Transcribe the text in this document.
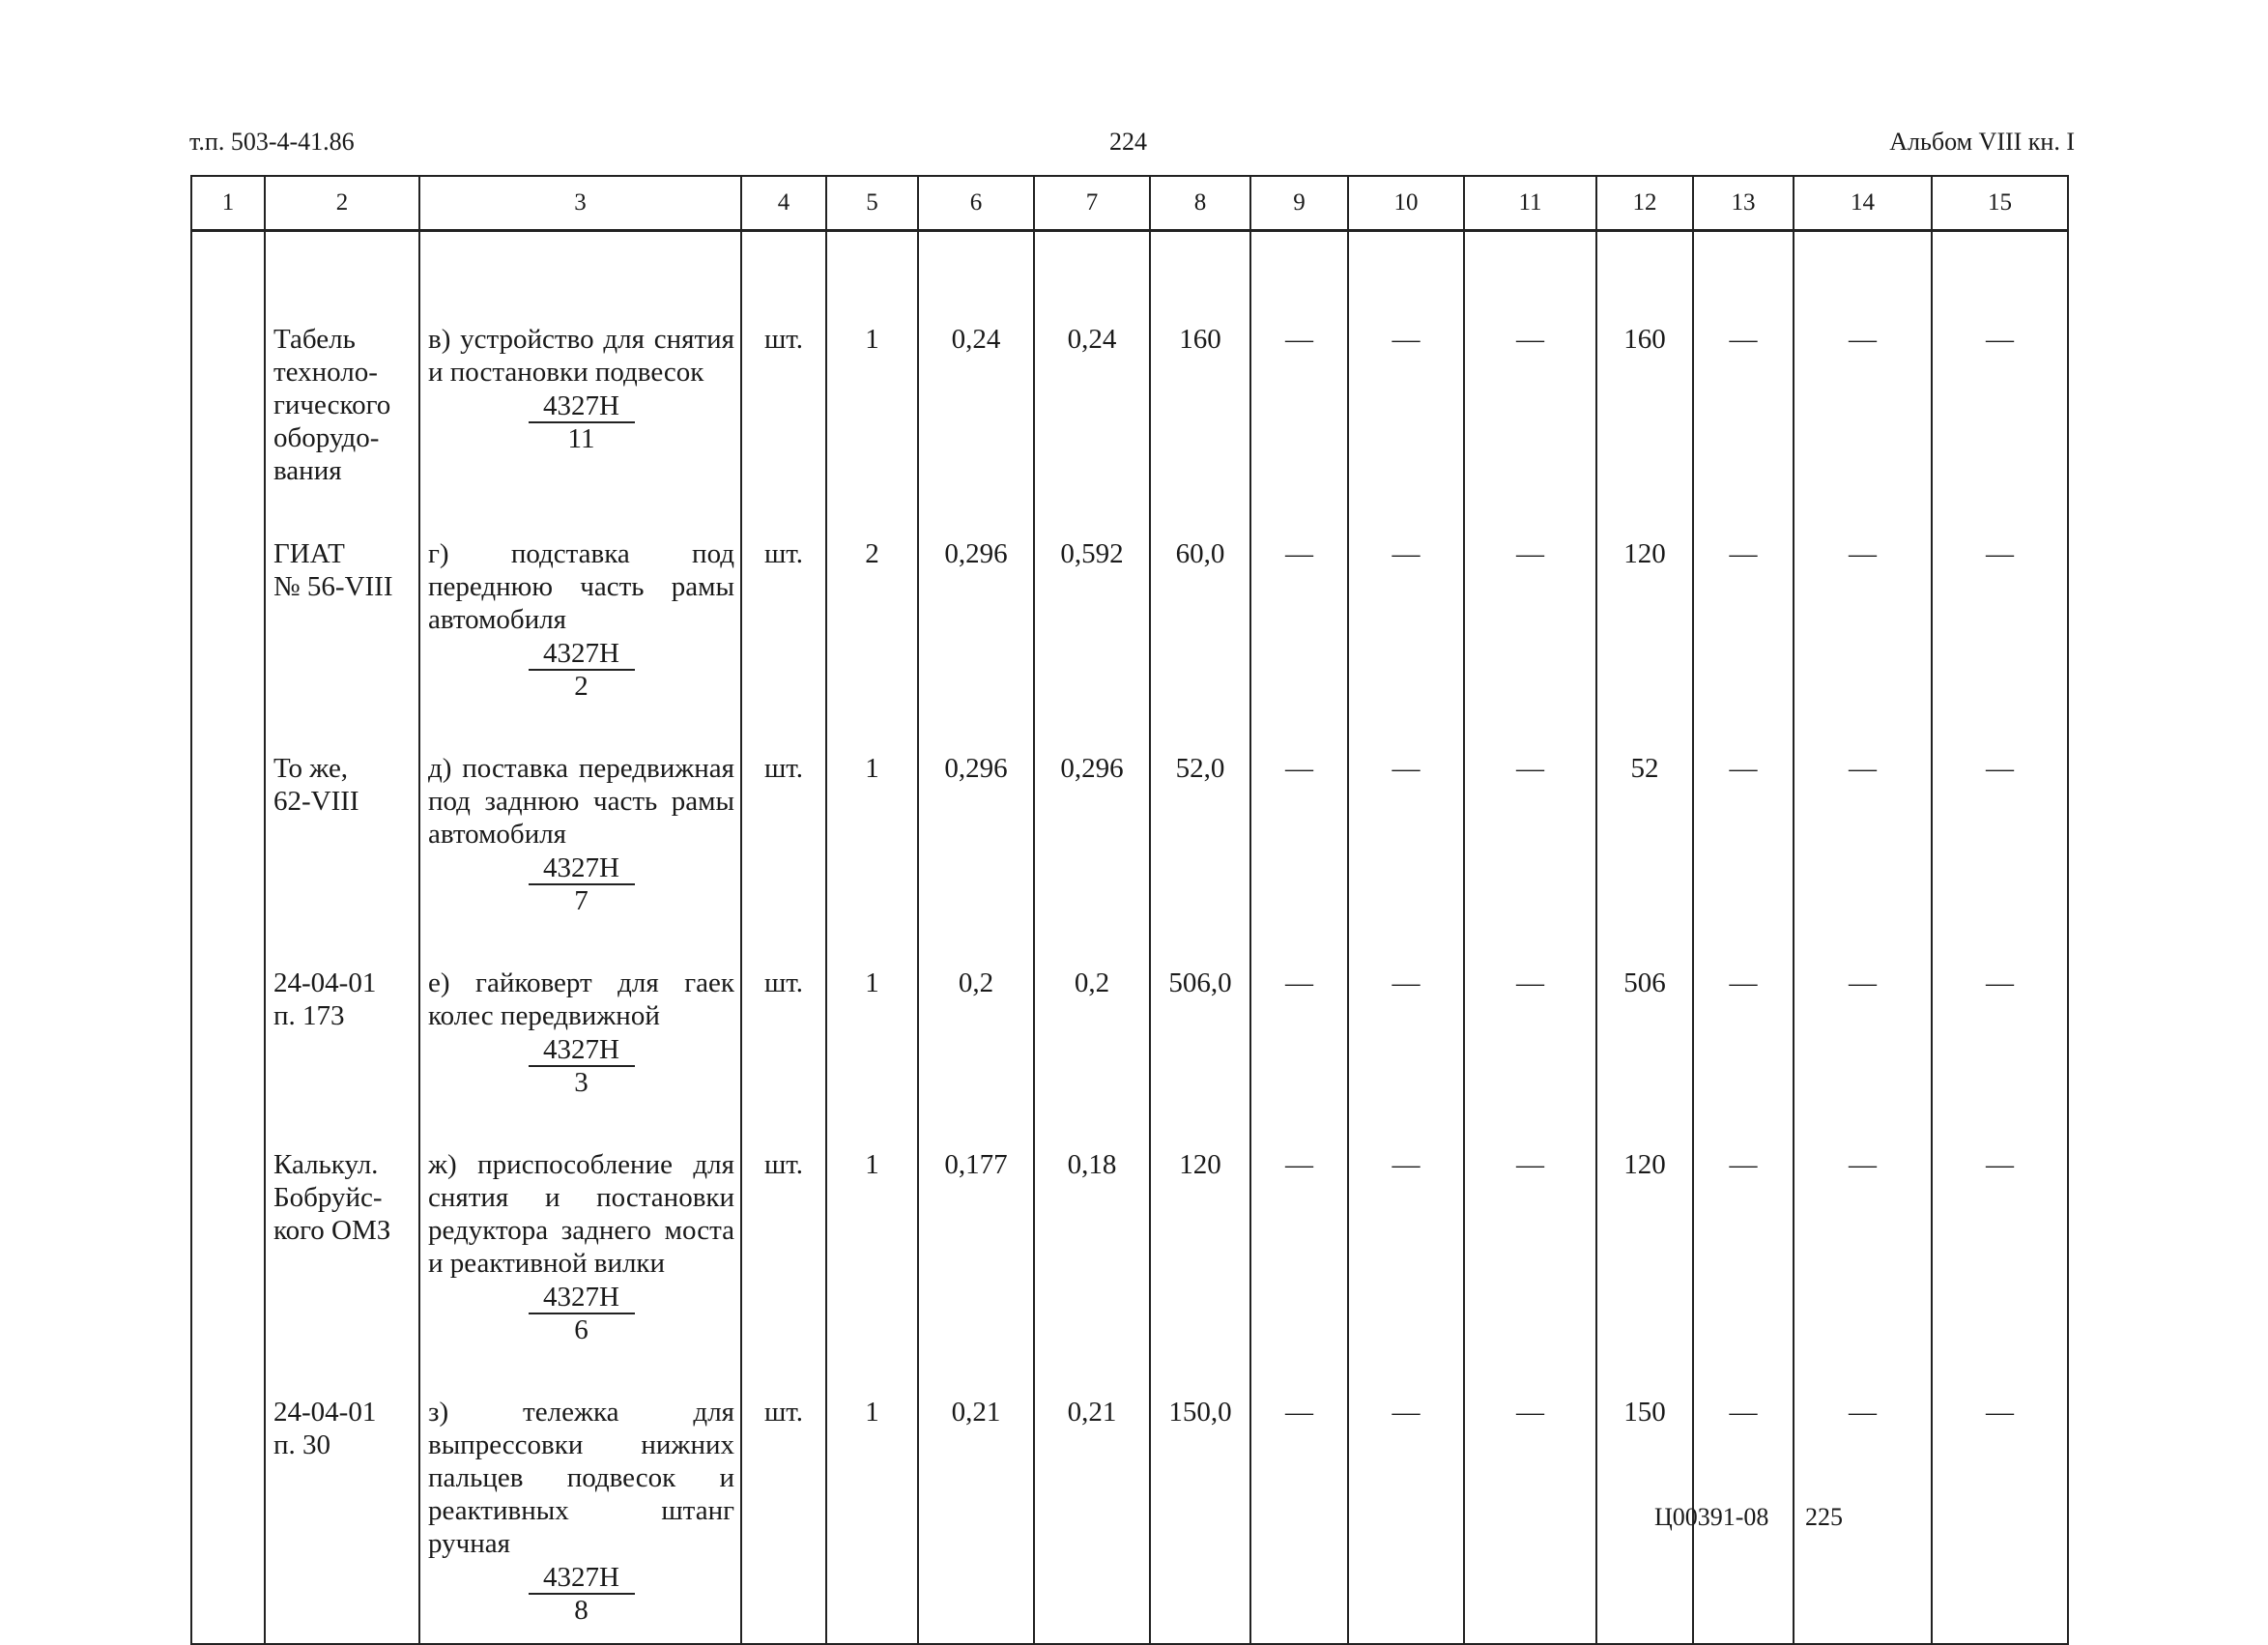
т.п. 503-4-41.86	224	Альбом VIII кн. I
1	2	3	4	5	6	7	8	9	10	11	12	13	14	15
	Табель
техноло-
гического
оборудо-
вания	в) устройство для снятия и постановки подвесок
4327Н
11	шт.	1	0,24	0,24	160	—	—	—	160	—	—	—
	ГИАТ
№ 56-VIII	г) подставка под переднюю часть рамы автомобиля
4327Н
2	шт.	2	0,296	0,592	60,0	—	—	—	120	—	—	—
	То же,
62-VIII	д) поставка передвижная под заднюю часть рамы автомобиля
4327Н
7	шт.	1	0,296	0,296	52,0	—	—	—	52	—	—	—
	24-04-01
п. 173	е) гайковерт для гаек колес передвижной
4327Н
3	шт.	1	0,2	0,2	506,0	—	—	—	506	—	—	—
	Калькул.
Бобруйс-
кого ОМЗ	ж) приспособление для снятия и постановки редуктора заднего моста и реактивной вилки
4327Н
6	шт.	1	0,177	0,18	120	—	—	—	120	—	—	—
	24-04-01
п. 30	з) тележка для выпрессовки нижних пальцев подвесок и реактивных штанг ручная
4327Н
8	шт.	1	0,21	0,21	150,0	—	—	—	150	—	—	—
Ц00391-08 225
